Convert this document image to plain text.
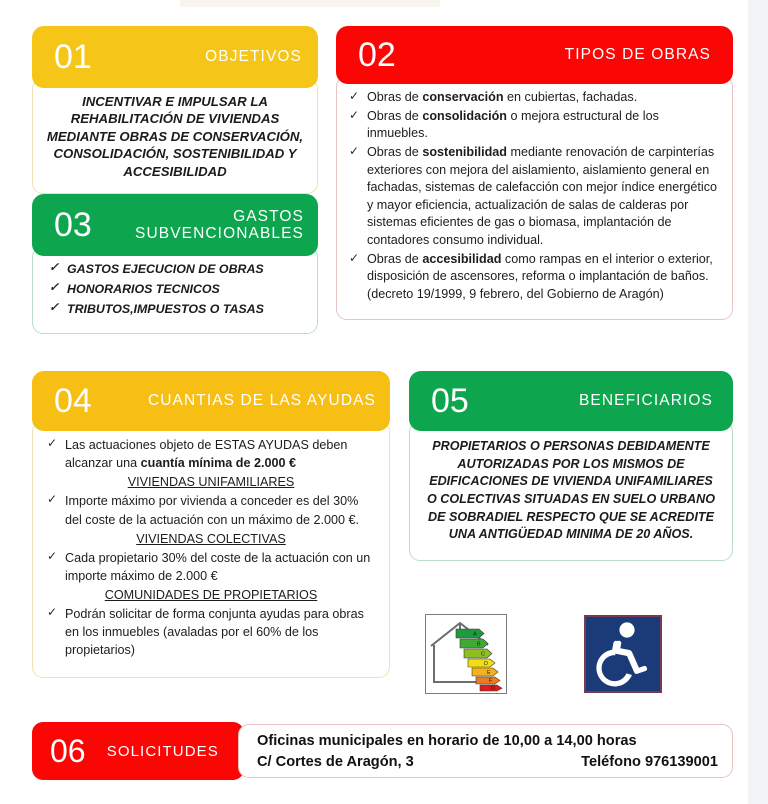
01	OBJETIVOS
INCENTIVAR E IMPULSAR LA
REHABILITACIÓN DE VIVIENDAS
MEDIANTE OBRAS DE CONSERVACIÓN,
CONSOLIDACIÓN, SOSTENIBILIDAD Y
ACCESIBILIDAD
02	TIPOS DE OBRAS
✓ Obras de conservación en cubiertas, fachadas.
✓ Obras de consolidación o mejora estructural de los inmuebles.
✓ Obras de sostenibilidad mediante renovación de carpinterías exteriores con mejora del aislamiento, aislamiento general en fachadas, sistemas de calefacción con mejor índice energético y mayor eficiencia, actualización de salas de calderas por sistemas eficientes de gas o biomasa, implantación de contadores consumo individual.
✓ Obras de accesibilidad como rampas en el interior o exterior, disposición de ascensores, reforma o implantación de baños. (decreto 19/1999, 9 febrero, del Gobierno de Aragón)
03	GASTOS
SUBVENCIONABLES
✓ GASTOS EJECUCION DE OBRAS
✓ HONORARIOS TECNICOS
✓ TRIBUTOS,IMPUESTOS O TASAS
04	CUANTIAS DE LAS AYUDAS
✓ Las actuaciones objeto de ESTAS AYUDAS deben alcanzar una cuantía mínima de 2.000 €
VIVIENDAS UNIFAMILIARES
✓ Importe máximo por vivienda a conceder es del 30% del coste de la actuación con un máximo de 2.000 €.
VIVIENDAS COLECTIVAS
✓ Cada propietario 30% del coste de la actuación con un importe máximo de 2.000 €
COMUNIDADES DE PROPIETARIOS
✓ Podrán solicitar de forma conjunta ayudas para obras en los inmuebles (avaladas por el 60% de los propietarios)
05	BENEFICIARIOS
PROPIETARIOS O PERSONAS DEBIDAMENTE
AUTORIZADAS POR LOS MISMOS DE
EDIFICACIONES DE VIVIENDA UNIFAMILIARES
O COLECTIVAS SITUADAS EN SUELO URBANO
DE SOBRADIEL RESPECTO QUE SE ACREDITE
UNA ANTIGÜEDAD MINIMA DE 20 AÑOS.
A
B
C
D
E
F
G
06	SOLICITUDES
Oficinas municipales en horario de 10,00 a 14,00 horas
C/ Cortes de Aragón, 3	Teléfono 976139001
